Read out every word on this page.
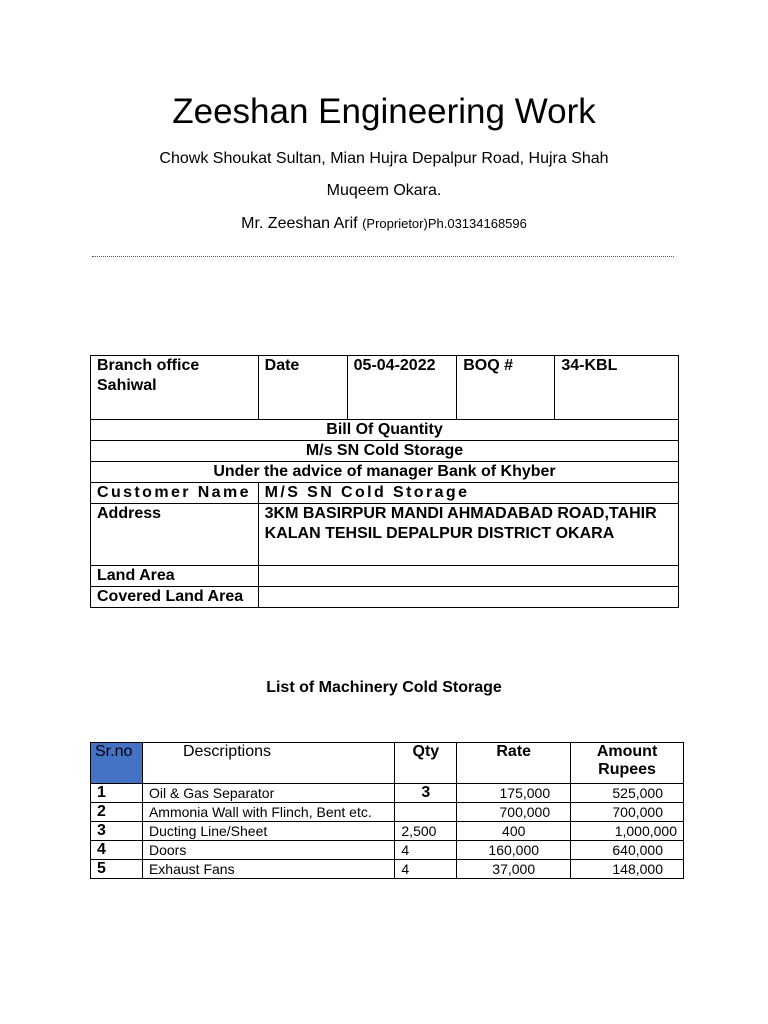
Zeeshan Engineering Work
Chowk Shoukat Sultan, Mian Hujra Depalpur Road, Hujra Shah
Muqeem Okara.
Mr. Zeeshan Arif (Proprietor)Ph.03134168596
Branch office Sahiwal	Date	05-04-2022	BOQ #	34-KBL
Bill Of Quantity				
M/s SN Cold Storage				
Under the advice of manager Bank of Khyber				
Customer Name	M/S SN Cold Storage			
Address	3KM BASIRPUR MANDI AHMADABAD ROAD,TAHIR KALAN TEHSIL DEPALPUR DISTRICT OKARA			
Land Area				
Covered Land Area				
List of Machinery Cold Storage
Sr.no	Descriptions	Qty	Rate	Amount Rupees
1	Oil & Gas Separator	3	175,000	525,000
2	Ammonia Wall with Flinch, Bent etc.		700,000	700,000
3	Ducting Line/Sheet	2,500	400	1,000,000
4	Doors	4	160,000	640,000
5	Exhaust Fans	4	37,000	148,000
